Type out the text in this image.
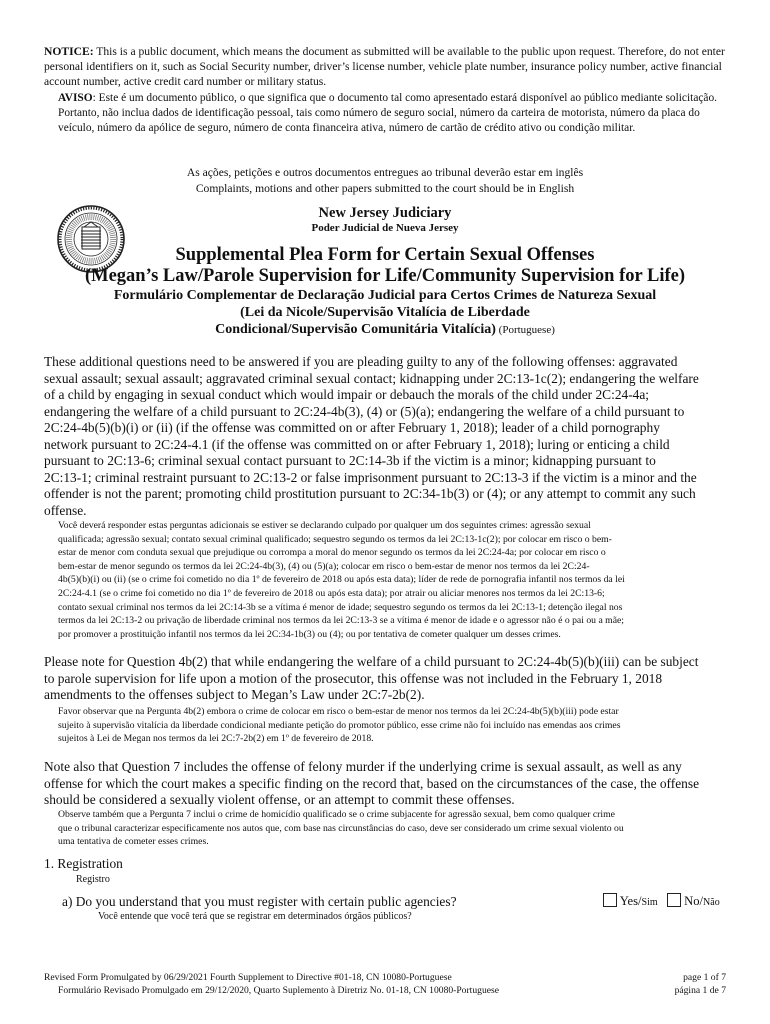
NOTICE: This is a public document, which means the document as submitted will be available to the public upon request. Therefore, do not enter personal identifiers on it, such as Social Security number, driver’s license number, vehicle plate number, insurance policy number, active financial account number, active credit card number or military status.
AVISO: Este é um documento público, o que significa que o documento tal como apresentado estará disponível ao público mediante solicitação. Portanto, não inclua dados de identificação pessoal, tais como número de seguro social, número da carteira de motorista, número da placa do veículo, número da apólice de seguro, número de conta financeira ativa, número de cartão de crédito ativo ou condição militar.
As ações, petições e outros documentos entregues ao tribunal deverão estar em inglês
Complaints, motions and other papers submitted to the court should be in English
New Jersey Judiciary
Poder Judicial de Nueva Jersey
Supplemental Plea Form for Certain Sexual Offenses
(Megan’s Law/Parole Supervision for Life/Community Supervision for Life)
Formulário Complementar de Declaração Judicial para Certos Crimes de Natureza Sexual
(Lei da Nicole/Supervisão Vitalícia de Liberdade
Condicional/Supervisão Comunitária Vitalícia) (Portuguese)
These additional questions need to be answered if you are pleading guilty to any of the following offenses: aggravated
sexual assault; sexual assault; aggravated criminal sexual contact; kidnapping under 2C:13-1c(2); endangering the welfare
of a child by engaging in sexual conduct which would impair or debauch the morals of the child under 2C:24-4a;
endangering the welfare of a child pursuant to 2C:24-4b(3), (4) or (5)(a); endangering the welfare of a child pursuant to
2C:24-4b(5)(b)(i) or (ii) (if the offense was committed on or after February 1, 2018); leader of a child pornography
network pursuant to 2C:24-4.1 (if the offense was committed on or after February 1, 2018); luring or enticing a child
pursuant to 2C:13-6; criminal sexual contact pursuant to 2C:14-3b if the victim is a minor; kidnapping pursuant to
2C:13-1; criminal restraint pursuant to 2C:13-2 or false imprisonment pursuant to 2C:13-3 if the victim is a minor and the
offender is not the parent; promoting child prostitution pursuant to 2C:34-1b(3) or (4); or any attempt to commit any such
offense.
Você deverá responder estas perguntas adicionais se estiver se declarando culpado por qualquer um dos seguintes crimes: agressão sexual
qualificada; agressão sexual; contato sexual criminal qualificado; sequestro segundo os termos da lei 2C:13-1c(2); por colocar em risco o bem-
estar de menor com conduta sexual que prejudique ou corrompa a moral do menor segundo os termos da lei 2C:24-4a; por colocar em risco o
bem-estar de menor segundo os termos da lei 2C:24-4b(3), (4) ou (5)(a); colocar em risco o bem-estar de menor nos termos da lei 2C:24-
4b(5)(b)(i) ou (ii) (se o crime foi cometido no dia 1º de fevereiro de 2018 ou após esta data); líder de rede de pornografia infantil nos termos da lei
2C:24-4.1 (se o crime foi cometido no dia 1º de fevereiro de 2018 ou após esta data); por atrair ou aliciar menores nos termos da lei 2C:13-6;
contato sexual criminal nos termos da lei 2C:14-3b se a vítima é menor de idade; sequestro segundo os termos da lei 2C:13-1; detenção ilegal nos
termos da lei 2C:13-2 ou privação de liberdade criminal nos termos da lei 2C:13-3 se a vítima é menor de idade e o agressor não é o pai ou a mãe;
por promover a prostituição infantil nos termos da lei 2C:34-1b(3) ou (4); ou por tentativa de cometer qualquer um desses crimes.
Please note for Question 4b(2) that while endangering the welfare of a child pursuant to 2C:24-4b(5)(b)(iii) can be subject
to parole supervision for life upon a motion of the prosecutor, this offense was not included in the February 1, 2018
amendments to the offenses subject to Megan’s Law under 2C:7-2b(2).
Favor observar que na Pergunta 4b(2) embora o crime de colocar em risco o bem-estar de menor nos termos da lei 2C:24-4b(5)(b)(iii) pode estar
sujeito à supervisão vitalícia da liberdade condicional mediante petição do promotor público, esse crime não foi incluído nas emendas aos crimes
sujeitos à Lei de Megan nos termos da lei 2C:7-2b(2) em 1º de fevereiro de 2018.
Note also that Question 7 includes the offense of felony murder if the underlying crime is sexual assault, as well as any
offense for which the court makes a specific finding on the record that, based on the circumstances of the case, the offense
should be considered a sexually violent offense, or an attempt to commit these offenses.
Observe também que a Pergunta 7 inclui o crime de homicídio qualificado se o crime subjacente for agressão sexual, bem como qualquer crime
que o tribunal caracterizar especificamente nos autos que, com base nas circunstâncias do caso, deve ser considerado um crime sexual violento ou
uma tentativa de cometer esses crimes.
1. Registration
Registro
a) Do you understand that you must register with certain public agencies?
Você entende que você terá que se registrar em determinados órgãos públicos?
Yes/Sim	No/Não
Revised Form Promulgated by 06/29/2021 Fourth Supplement to Directive #01-18, CN 10080-Portuguese
Formulário Revisado Promulgado em 29/12/2020, Quarto Suplemento à Diretriz No. 01-18, CN 10080-Portuguese
page 1 of 7
página 1 de 7
